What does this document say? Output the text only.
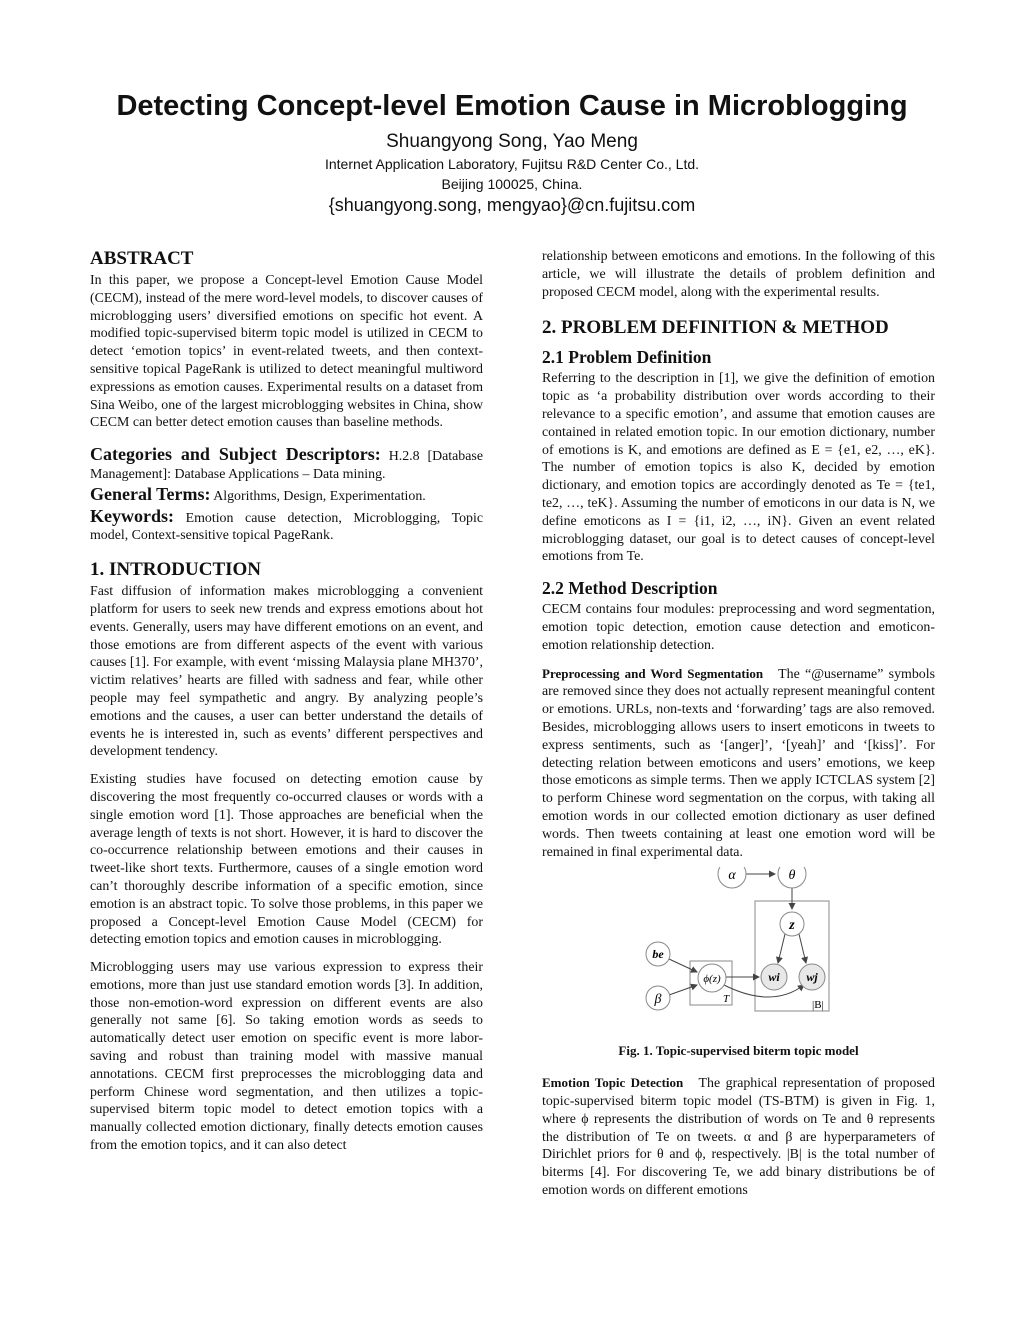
Detecting Concept-level Emotion Cause in Microblogging
Shuangyong Song, Yao Meng
Internet Application Laboratory, Fujitsu R&D Center Co., Ltd.
Beijing 100025, China.
{shuangyong.song, mengyao}@cn.fujitsu.com
ABSTRACT

In this paper, we propose a Concept-level Emotion Cause Model (CECM), instead of the mere word-level models, to discover causes of microblogging users’ diversified emotions on specific hot event. A modified topic-supervised biterm topic model is utilized in CECM to detect ‘emotion topics’ in event-related tweets, and then context-sensitive topical PageRank is utilized to detect meaningful multiword expressions as emotion causes. Experimental results on a dataset from Sina Weibo, one of the largest microblogging websites in China, show CECM can better detect emotion causes than baseline methods.

Categories and Subject Descriptors: H.2.8 [Database Management]: Database Applications – Data mining.

General Terms: Algorithms, Design, Experimentation.

Keywords: Emotion cause detection, Microblogging, Topic model, Context-sensitive topical PageRank.

1. INTRODUCTION

Fast diffusion of information makes microblogging a convenient platform for users to seek new trends and express emotions about hot events. Generally, users may have different emotions on an event, and those emotions are from different aspects of the event with various causes [1]. For example, with event ‘missing Malaysia plane MH370’, victim relatives’ hearts are filled with sadness and fear, while other people may feel sympathetic and angry. By analyzing people’s emotions and the causes, a user can better understand the details of events he is interested in, such as events’ different perspectives and development tendency.

Existing studies have focused on detecting emotion cause by discovering the most frequently co-occurred clauses or words with a single emotion word [1]. Those approaches are beneficial when the average length of texts is not short. However, it is hard to discover the co-occurrence relationship between emotions and their causes in tweet-like short texts. Furthermore, causes of a single emotion word can’t thoroughly describe information of a specific emotion, since emotion is an abstract topic. To solve those problems, in this paper we proposed a Concept-level Emotion Cause Model (CECM) for detecting emotion topics and emotion causes in microblogging.

Microblogging users may use various expression to express their emotions, more than just use standard emotion words [3]. In addition, those non-emotion-word expression on different events are also generally not same [6]. So taking emotion words as seeds to automatically detect user emotion on specific event is more labor-saving and robust than training model with massive manual annotations. CECM first preprocesses the microblogging data and perform Chinese word segmentation, and then utilizes a topic-supervised biterm topic model to detect emotion topics with a manually collected emotion dictionary, finally detects emotion causes from the emotion topics, and it can also detect

relationship between emoticons and emotions. In the following of this article, we will illustrate the details of problem definition and proposed CECM model, along with the experimental results.

2. PROBLEM DEFINITION & METHOD
2.1 Problem Definition

Referring to the description in [1], we give the definition of emotion topic as ‘a probability distribution over words according to their relevance to a specific emotion’, and assume that emotion causes are contained in related emotion topic. In our emotion dictionary, number of emotions is K, and emotions are defined as E = {e1, e2, …, eK}. The number of emotion topics is also K, decided by emotion dictionary, and emotion topics are accordingly denoted as Te = {te1, te2, …, teK}. Assuming the number of emoticons in our data is N, we define emoticons as I = {i1, i2, …, iN}. Given an event related microblogging dataset, our goal is to detect causes of concept-level emotions from Te.

2.2 Method Description

CECM contains four modules: preprocessing and word segmentation, emotion topic detection, emotion cause detection and emoticon-emotion relationship detection.

Preprocessing and Word Segmentation The “@username” symbols are removed since they does not actually represent meaningful content or emotions. URLs, non-texts and ‘forwarding’ tags are also removed. Besides, microblogging allows users to insert emoticons in tweets to express sentiments, such as ‘[anger]’, ‘[yeah]’ and ‘[kiss]’. For detecting relation between emoticons and users’ emotions, we keep those emoticons as simple terms. Then we apply ICTCLAS system [2] to perform Chinese word segmentation on the corpus, with taking all emotion words in our collected emotion dictionary as user defined words. Then tweets containing at least one emotion word will be remained in final experimental data.

α	θ
z
be
β
ϕ(z)	wi wj
T	|B|
Fig. 1. Topic-supervised biterm topic model

Emotion Topic Detection The graphical representation of proposed topic-supervised biterm topic model (TS-BTM) is given in Fig. 1, where ϕ represents the distribution of words on Te and θ represents the distribution of Te on tweets. α and β are hyperparameters of Dirichlet priors for θ and ϕ, respectively. |B| is the total number of biterms [4]. For discovering Te, we add binary distributions be of emotion words on different emotions
